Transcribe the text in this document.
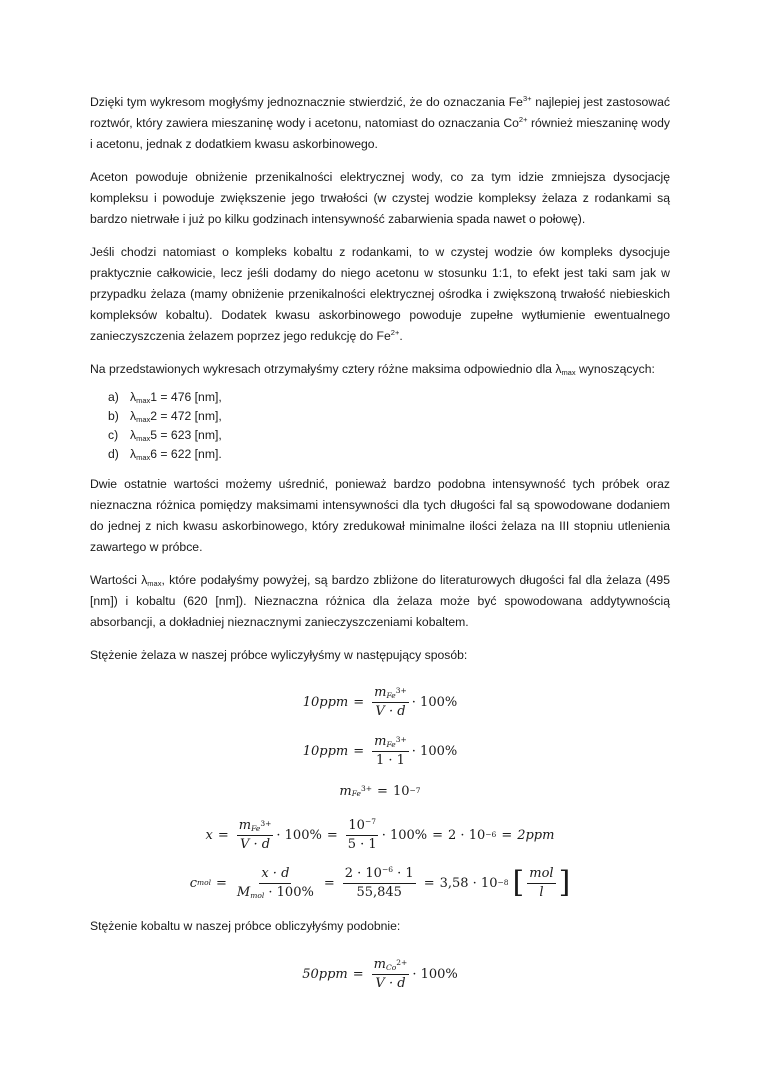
Dzięki tym wykresom mogłyśmy jednoznacznie stwierdzić, że do oznaczania $Fe^{3+}$ najlepiej jest zastosować roztwór, który zawiera mieszaninę wody i acetonu, natomiast do oznaczania $Co^{2+}$ również mieszaninę wody i acetonu, jednak z dodatkiem kwasu askorbinowego.

Aceton powoduje obniżenie przenikalności elektrycznej wody, co za tym idzie zmniejsza dysocjację kompleksu i powoduje zwiększenie jego trwałości (w czystej wodzie kompleksy żelaza z rodankami są bardzo nietrwałe i już po kilku godzinach intensywność zabarwienia spada nawet o połowę).

Jeśli chodzi natomiast o kompleks kobaltu z rodankami, to w czystej wodzie ów kompleks dysocjuje praktycznie całkowicie, lecz jeśli dodamy do niego acetonu w stosunku 1:1, to efekt jest taki sam jak w przypadku żelaza (mamy obniżenie przenikalności elektrycznej ośrodka i zwiększoną trwałość niebieskich kompleksów kobaltu). Dodatek kwasu askorbinowego powoduje zupełne wytłumienie ewentualnego zanieczyszczenia żelazem poprzez jego redukcję do $Fe^{2+}$.

Na przedstawionych wykresach otrzymałyśmy cztery różne maksima odpowiednio dla $\lambda_{max}$ wynoszących:

a) $\lambda_{max}1 = 476$ [nm],
b) $\lambda_{max}2 = 472$ [nm],
c) $\lambda_{max}5 = 623$ [nm],
d) $\lambda_{max}6 = 622$ [nm].

Dwie ostatnie wartości możemy uśrednić, ponieważ bardzo podobna intensywność tych próbek oraz nieznaczna różnica pomiędzy maksimami intensywności dla tych długości fal są spowodowane dodaniem do jednej z nich kwasu askorbinowego, który zredukował minimalne ilości żelaza na III stopniu utlenienia zawartego w próbce.

Wartości $\lambda_{max}$, które podałyśmy powyżej, są bardzo zbliżone do literaturowych długości fal dla żelaza (495 [nm]) i kobaltu (620 [nm]). Nieznaczna różnica dla żelaza może być spowodowana addytywnością absorbancji, a dokładniej nieznacznymi zanieczyszczeniami kobaltem.

Stężenie żelaza w naszej próbce wyliczyłyśmy w następujący sposób:

$10ppm = \frac{m_{Fe^{3+}}}{V \cdot d} \cdot 100\%$
$10ppm = \frac{m_{Fe^{3+}}}{1 \cdot 1} \cdot 100\%$
m $Fe^{3+} = 10 -7$
$x = \frac{m_{Fe^{3+}}}{V \cdot d} \cdot 100\% = \frac{10^{-7}}{5 \cdot 1} \cdot 100\% = 2 \cdot 10 -6 = 2ppm$
c mol = $\frac{x \cdot d}{M_{mol} \cdot 100\%} = \frac{2 \cdot 10^{-6} \cdot 1}{55,845} = 3,58 \cdot 10 -8$ [ $\frac{\text{mol}}{l}$ ]

Stężenie kobaltu w naszej próbce obliczyłyśmy podobnie:

$50ppm = \frac{m_{Co^{2+}}}{V \cdot d} \cdot 100\%$
